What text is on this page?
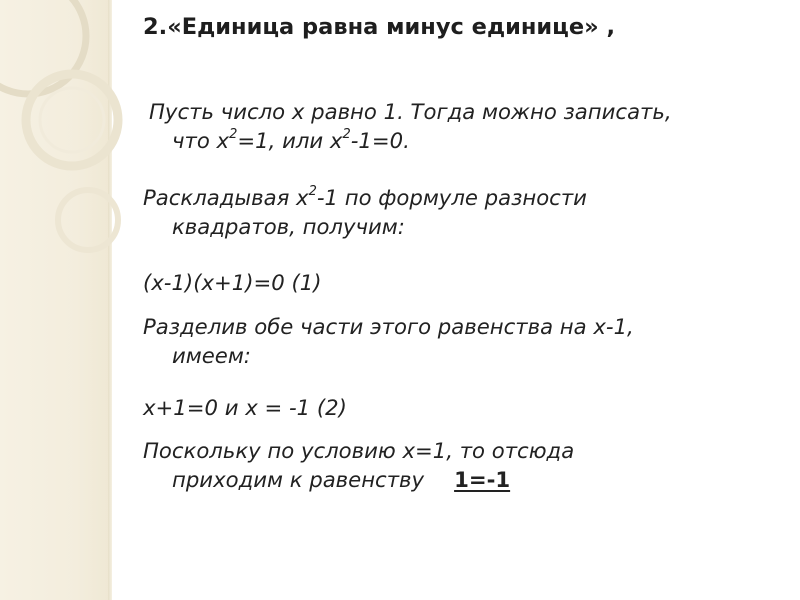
2.«Единица равна минус единице» ,
Пусть число х равно 1. Тогда можно записать,
что $х^2=1$, или $х^2-1=0$.
Раскладывая $х^2-1$ по формуле разности
квадратов, получим:
(х-1)(х+1)=0 (1)
Разделив обе части этого равенства на х-1,
имеем:
х+1=0 и х = -1 (2)
Поскольку по условию х=1, то отсюда
приходим к равенству 1=-1
